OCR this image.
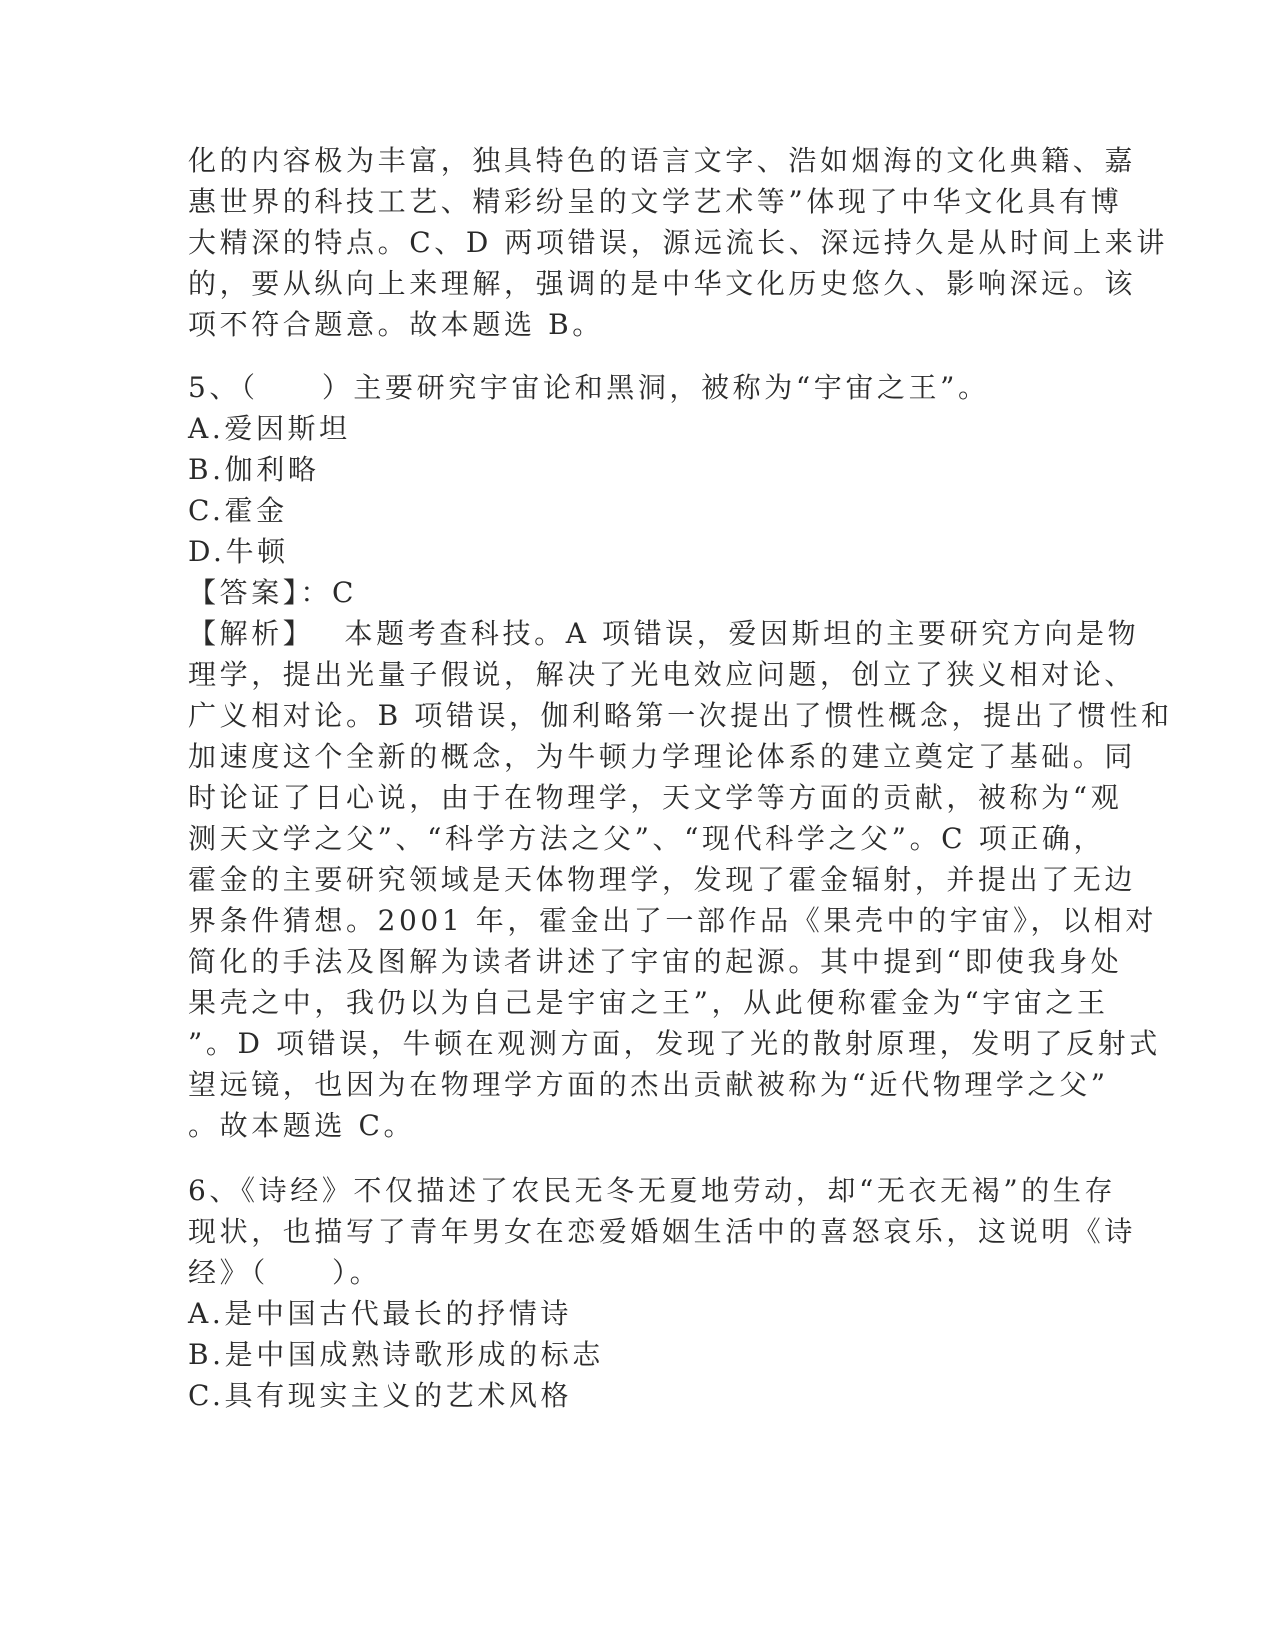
化的内容极为丰富，独具特色的语言文字、浩如烟海的文化典籍、嘉
惠世界的科技工艺、精彩纷呈的文学艺术等”体现了中华文化具有博
大精深的特点。C、D 两项错误，源远流长、深远持久是从时间上来讲
的，要从纵向上来理解，强调的是中华文化历史悠久、影响深远。该
项不符合题意。故本题选 B。
5、（　　）主要研究宇宙论和黑洞，被称为“宇宙之王”。
A.爱因斯坦
B.伽利略
C.霍金
D.牛顿
【答案】：C
【解析】　 本题考查科技。A 项错误，爱因斯坦的主要研究方向是物
理学，提出光量子假说，解决了光电效应问题，创立了狭义相对论、
广义相对论。B 项错误，伽利略第一次提出了惯性概念，提出了惯性和
加速度这个全新的概念，为牛顿力学理论体系的建立奠定了基础。同
时论证了日心说，由于在物理学，天文学等方面的贡献，被称为“观
测天文学之父”、“科学方法之父”、“现代科学之父”。C 项正确，
霍金的主要研究领域是天体物理学，发现了霍金辐射，并提出了无边
界条件猜想。2001 年，霍金出了一部作品《果壳中的宇宙》，以相对
简化的手法及图解为读者讲述了宇宙的起源。其中提到“即使我身处
果壳之中，我仍以为自己是宇宙之王”，从此便称霍金为“宇宙之王
”。D 项错误，牛顿在观测方面，发现了光的散射原理，发明了反射式
望远镜，也因为在物理学方面的杰出贡献被称为“近代物理学之父”
。故本题选 C。
6、《诗经》不仅描述了农民无冬无夏地劳动，却“无衣无褐”的生存
现状，也描写了青年男女在恋爱婚姻生活中的喜怒哀乐，这说明《诗
经》（　　）。
A.是中国古代最长的抒情诗
B.是中国成熟诗歌形成的标志
C.具有现实主义的艺术风格
